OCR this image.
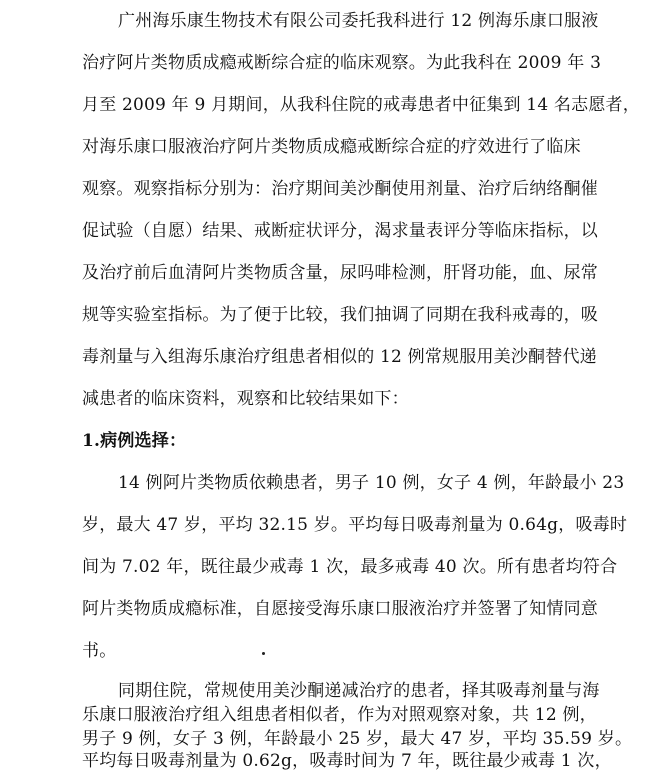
广州海乐康生物技术有限公司委托我科进行 12 例海乐康口服液
治疗阿片类物质成瘾戒断综合症的临床观察。为此我科在 2009 年 3
月至 2009 年 9 月期间，从我科住院的戒毒患者中征集到 14 名志愿者，
对海乐康口服液治疗阿片类物质成瘾戒断综合症的疗效进行了临床
观察。观察指标分别为：治疗期间美沙酮使用剂量、治疗后纳络酮催
促试验（自愿）结果、戒断症状评分，渴求量表评分等临床指标，以
及治疗前后血清阿片类物质含量，尿吗啡检测，肝肾功能，血、尿常
规等实验室指标。为了便于比较，我们抽调了同期在我科戒毒的，吸
毒剂量与入组海乐康治疗组患者相似的 12 例常规服用美沙酮替代递
减患者的临床资料，观察和比较结果如下：
1.病例选择：
14 例阿片类物质依赖患者，男子 10 例，女子 4 例，年龄最小 23
岁，最大 47 岁，平均 32.15 岁。平均每日吸毒剂量为 0.64g，吸毒时
间为 7.02 年，既往最少戒毒 1 次，最多戒毒 40 次。所有患者均符合
阿片类物质成瘾标准，自愿接受海乐康口服液治疗并签署了知情同意
书。
同期住院，常规使用美沙酮递减治疗的患者，择其吸毒剂量与海
乐康口服液治疗组入组患者相似者，作为对照观察对象，共 12 例，
男子 9 例，女子 3 例，年龄最小 25 岁，最大 47 岁，平均 35.59 岁。
平均每日吸毒剂量为 0.62g，吸毒时间为 7 年，既往最少戒毒 1 次，
